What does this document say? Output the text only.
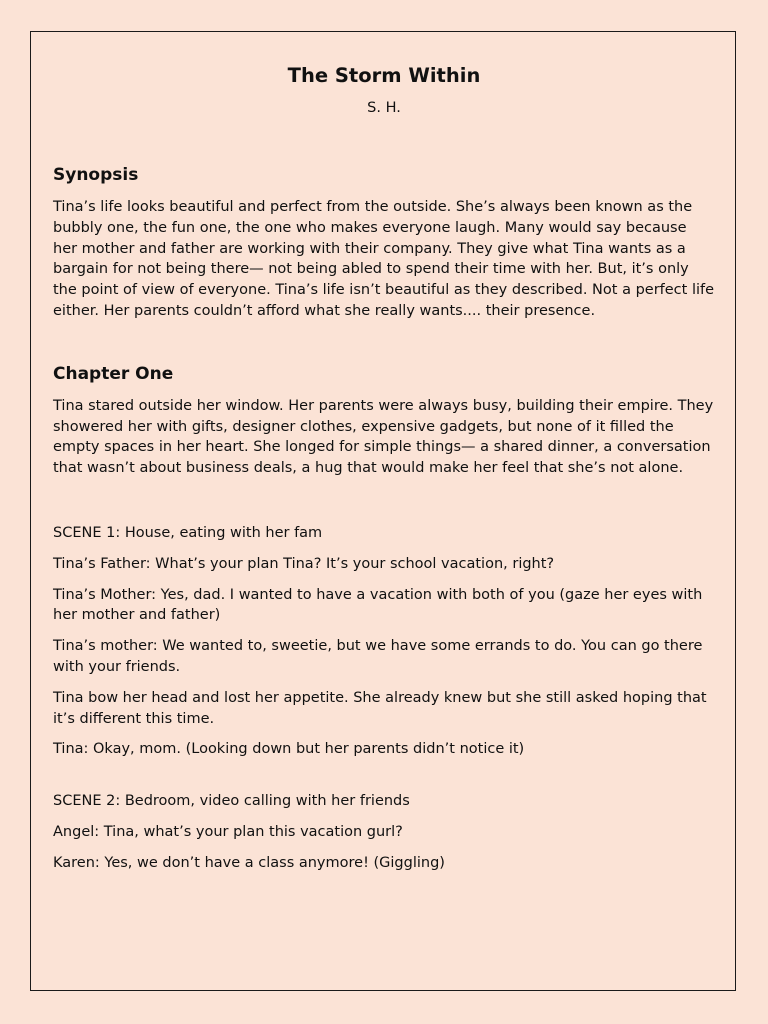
The Storm Within

S. H.

Synopsis

Tina’s life looks beautiful and perfect from the outside. She’s always been known as the bubbly one, the fun one, the one who makes everyone laugh. Many would say because her mother and father are working with their company. They give what Tina wants as a bargain for not being there— not being abled to spend their time with her. But, it’s only the point of view of everyone. Tina’s life isn’t beautiful as they described. Not a perfect life either. Her parents couldn’t afford what she really wants.... their presence.

Chapter One

Tina stared outside her window. Her parents were always busy, building their empire. They showered her with gifts, designer clothes, expensive gadgets, but none of it filled the empty spaces in her heart. She longed for simple things— a shared dinner, a conversation that wasn’t about business deals, a hug that would make her feel that she’s not alone.

SCENE 1: House, eating with her fam

Tina’s Father: What’s your plan Tina? It’s your school vacation, right?

Tina’s Mother: Yes, dad. I wanted to have a vacation with both of you (gaze her eyes with her mother and father)

Tina’s mother: We wanted to, sweetie, but we have some errands to do. You can go there with your friends.

Tina bow her head and lost her appetite. She already knew but she still asked hoping that it’s different this time.

Tina: Okay, mom. (Looking down but her parents didn’t notice it)

SCENE 2: Bedroom, video calling with her friends

Angel: Tina, what’s your plan this vacation gurl?

Karen: Yes, we don’t have a class anymore! (Giggling)
